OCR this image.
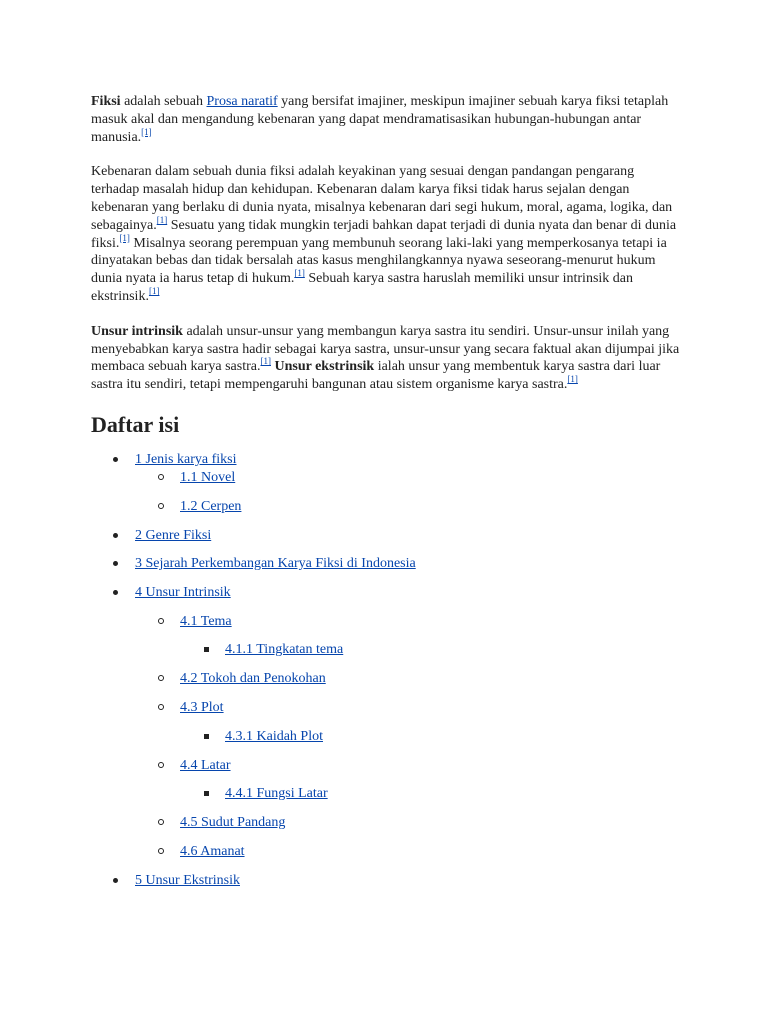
Fiksi adalah sebuah Prosa naratif yang bersifat imajiner, meskipun imajiner sebuah karya fiksi tetaplah masuk akal dan mengandung kebenaran yang dapat mendramatisasikan hubungan-hubungan antar manusia.[1]

Kebenaran dalam sebuah dunia fiksi adalah keyakinan yang sesuai dengan pandangan pengarang terhadap masalah hidup dan kehidupan. Kebenaran dalam karya fiksi tidak harus sejalan dengan kebenaran yang berlaku di dunia nyata, misalnya kebenaran dari segi hukum, moral, agama, logika, dan sebagainya.[1] Sesuatu yang tidak mungkin terjadi bahkan dapat terjadi di dunia nyata dan benar di dunia fiksi.[1] Misalnya seorang perempuan yang membunuh seorang laki-laki yang memperkosanya tetapi ia dinyatakan bebas dan tidak bersalah atas kasus menghilangkannya nyawa seseorang-menurut hukum dunia nyata ia harus tetap di hukum.[1] Sebuah karya sastra haruslah memiliki unsur intrinsik dan ekstrinsik.[1]

Unsur intrinsik adalah unsur-unsur yang membangun karya sastra itu sendiri. Unsur-unsur inilah yang menyebabkan karya sastra hadir sebagai karya sastra, unsur-unsur yang secara faktual akan dijumpai jika membaca sebuah karya sastra.[1] Unsur ekstrinsik ialah unsur yang membentuk karya sastra dari luar sastra itu sendiri, tetapi mempengaruhi bangunan atau sistem organisme karya sastra.[1]

Daftar isi
1 Jenis karya fiksi
1.1 Novel
1.2 Cerpen
2 Genre Fiksi
3 Sejarah Perkembangan Karya Fiksi di Indonesia
4 Unsur Intrinsik
4.1 Tema
4.1.1 Tingkatan tema
4.2 Tokoh dan Penokohan
4.3 Plot
4.3.1 Kaidah Plot
4.4 Latar
4.4.1 Fungsi Latar
4.5 Sudut Pandang
4.6 Amanat
5 Unsur Ekstrinsik
